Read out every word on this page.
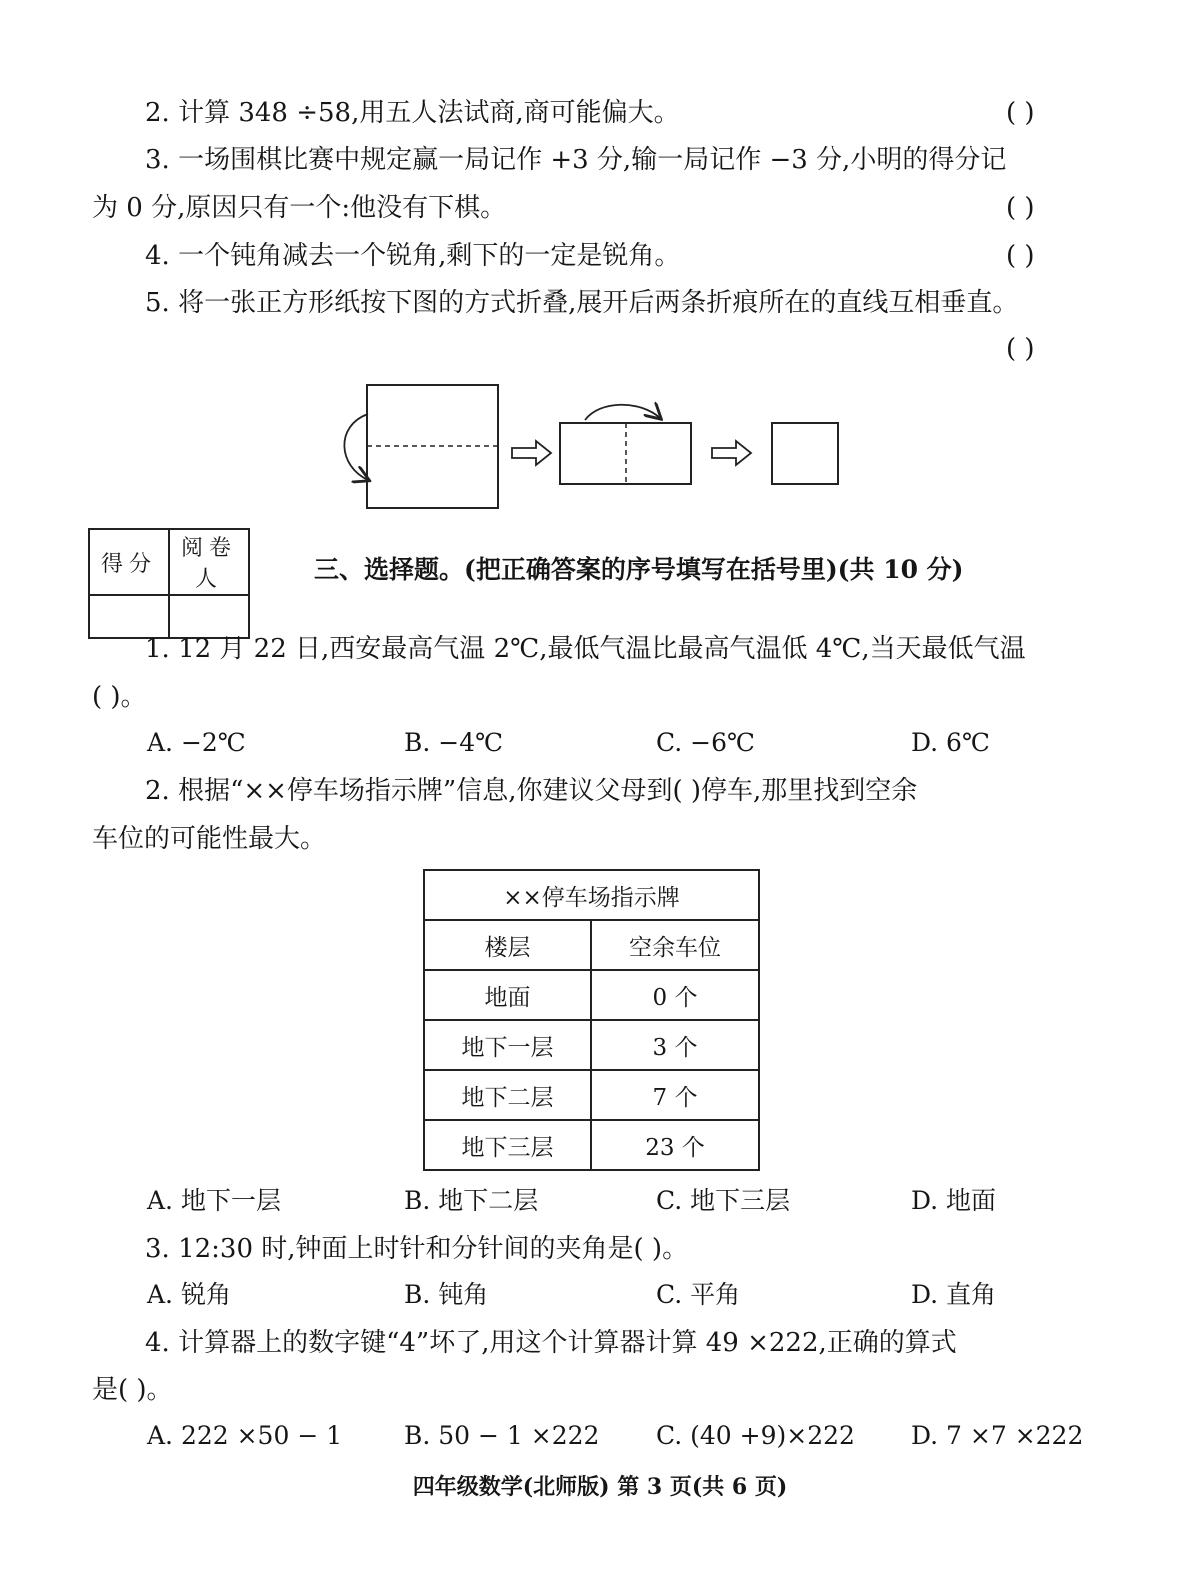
2. 计算 348 ÷58,用五人法试商,商可能偏大。	( )
3. 一场围棋比赛中规定赢一局记作 +3 分,输一局记作 −3 分,小明的得分记
为 0 分,原因只有一个:他没有下棋。	( )
4. 一个钝角减去一个锐角,剩下的一定是锐角。	( )
5. 将一张正方形纸按下图的方式折叠,展开后两条折痕所在的直线互相垂直。
( )
得分	阅卷人
		三、选择题。(把正确答案的序号填写在括号里)(共 10 分)
1. 12 月 22 日,西安最高气温 2℃,最低气温比最高气温低 4℃,当天最低气温
( )。
A. −2℃	B. −4℃	C. −6℃	D. 6℃
2. 根据“××停车场指示牌”信息,你建议父母到( )停车,那里找到空余
车位的可能性最大。
××停车场指示牌	
楼层	空余车位
地面	0 个
地下一层	3 个
地下二层	7 个
地下三层	23 个
A. 地下一层	B. 地下二层	C. 地下三层	D. 地面
3. 12:30 时,钟面上时针和分针间的夹角是( )。
A. 锐角	B. 钝角	C. 平角	D. 直角
4. 计算器上的数字键“4”坏了,用这个计算器计算 49 ×222,正确的算式
是( )。
A. 222 ×50 − 1 B. 50 − 1 ×222 C. (40 +9)×222 D. 7 ×7 ×222
四年级数学(北师版) 第 3 页(共 6 页)
